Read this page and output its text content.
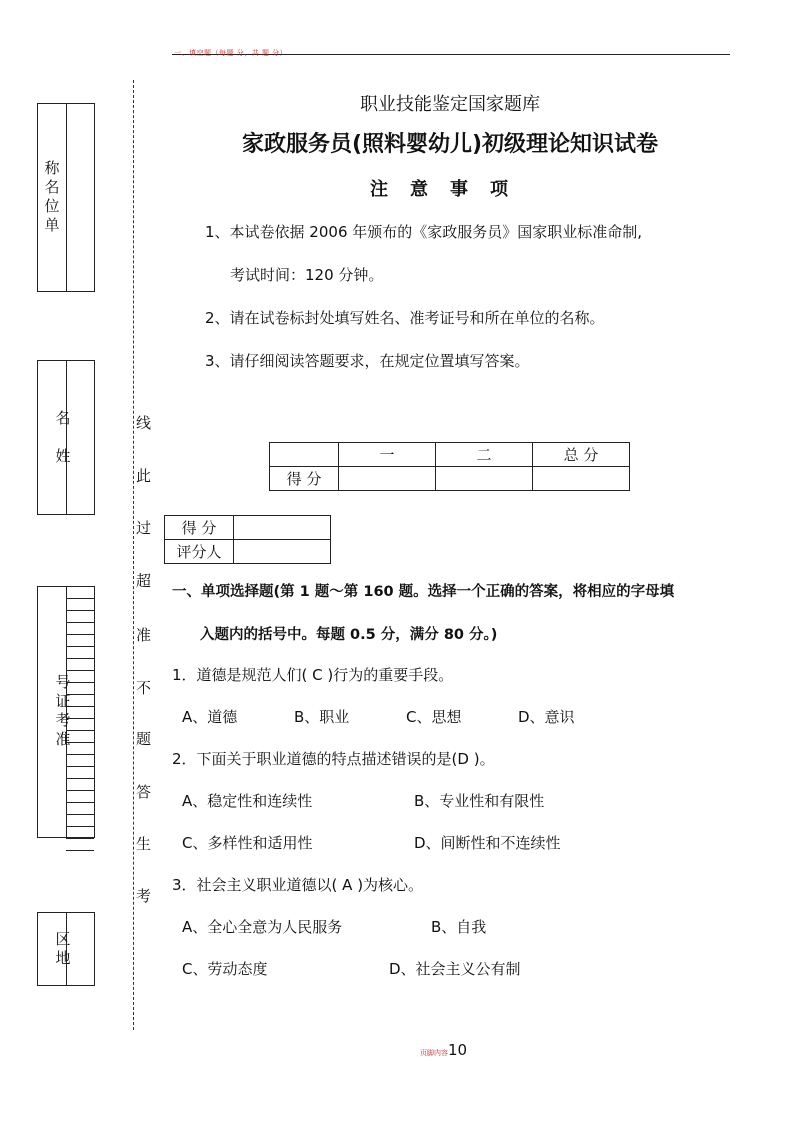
一、填空题（每题 分，共 题 分）
称
名
位
单
名

姓
号
证
考
准
区
地
线
此
过
超
准
不
题
答
生
考
职业技能鉴定国家题库
家政服务员(照料婴幼儿)初级理论知识试卷
注意事项
1、本试卷依据 2006 年颁布的《家政服务员》国家职业标准命制,
考试时间：120 分钟。
2、请在试卷标封处填写姓名、准考证号和所在单位的名称。
3、请仔细阅读答题要求，在规定位置填写答案。
	一	二	总 分
得 分			
得 分	
评分人	
一、单项选择题(第 1 题～第 160 题。选择一个正确的答案，将相应的字母填
入题内的括号中。每题 0.5 分，满分 80 分。)
1．道德是规范人们( C )行为的重要手段。
A、道德	B、职业	C、思想	D、意识
2．下面关于职业道德的特点描述错误的是(D )。
A、稳定性和连续性	B、专业性和有限性
C、多样性和适用性	D、间断性和不连续性
3．社会主义职业道德以( A )为核心。
A、全心全意为人民服务	B、自我
C、劳动态度	D、社会主义公有制
页脚内容10
